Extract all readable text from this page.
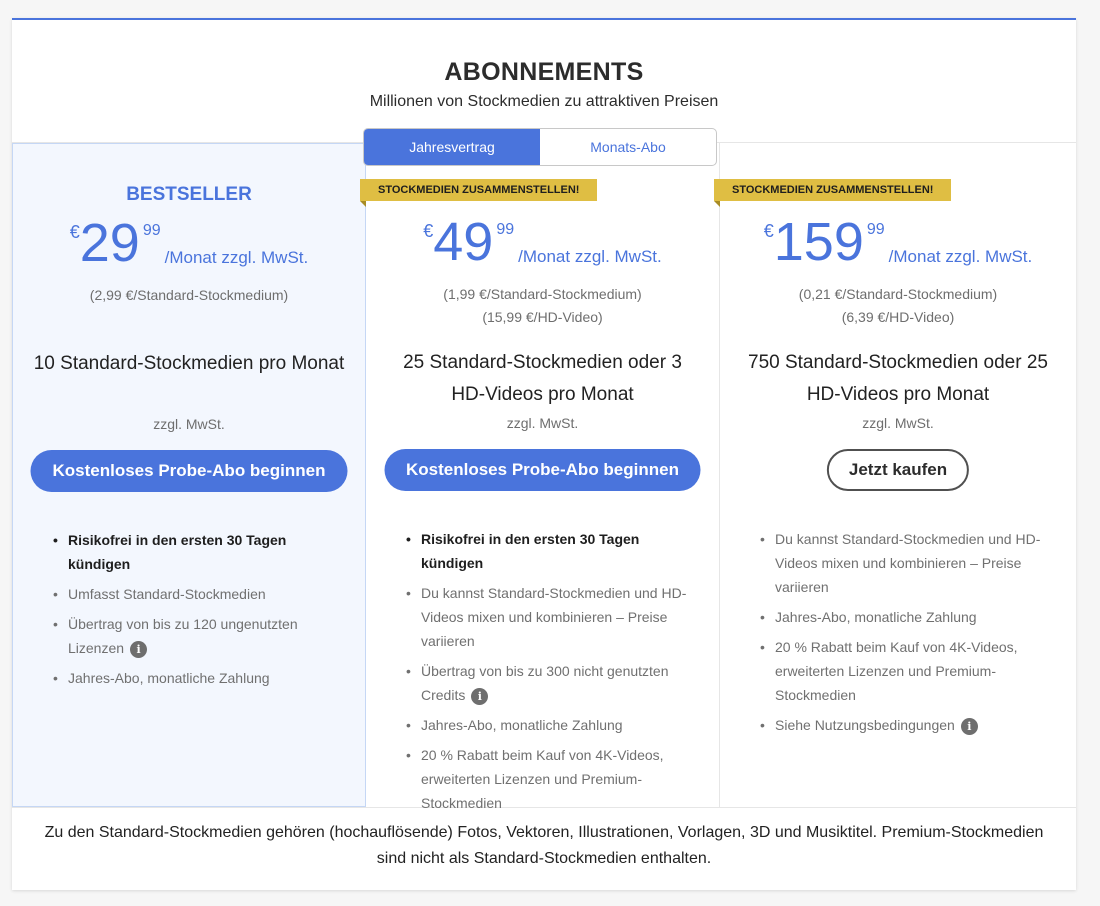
ABONNEMENTS
Millionen von Stockmedien zu attraktiven Preisen
Jahresvertrag	Monats-Abo
BESTSELLER
€ 29 99
/Monat zzgl. MwSt.
(2,99 €/Standard-Stockmedium)
10 Standard-Stockmedien pro Monat
zzgl. MwSt.
Kostenloses Probe-Abo beginnen
• Risikofrei in den ersten 30 Tagen kündigen
• Umfasst Standard-Stockmedien
• Übertrag von bis zu 120 ungenutzten Lizenzen i
• Jahres-Abo, monatliche Zahlung
STOCKMEDIEN ZUSAMMENSTELLEN!
€ 49 99
/Monat zzgl. MwSt.
(1,99 €/Standard-Stockmedium)
(15,99 €/HD-Video)
25 Standard-Stockmedien oder 3 HD-Videos pro Monat
zzgl. MwSt.
Kostenloses Probe-Abo beginnen
• Risikofrei in den ersten 30 Tagen kündigen
• Du kannst Standard-Stockmedien und HD-Videos mixen und kombinieren – Preise variieren
• Übertrag von bis zu 300 nicht genutzten Credits i
• Jahres-Abo, monatliche Zahlung
• 20 % Rabatt beim Kauf von 4K-Videos, erweiterten Lizenzen und Premium-Stockmedien
STOCKMEDIEN ZUSAMMENSTELLEN!
€ 159 99
/Monat zzgl. MwSt.
(0,21 €/Standard-Stockmedium)
(6,39 €/HD-Video)
750 Standard-Stockmedien oder 25 HD-Videos pro Monat
zzgl. MwSt.
Jetzt kaufen
• Du kannst Standard-Stockmedien und HD-Videos mixen und kombinieren – Preise variieren
• Jahres-Abo, monatliche Zahlung
• 20 % Rabatt beim Kauf von 4K-Videos, erweiterten Lizenzen und Premium-Stockmedien
• Siehe Nutzungsbedingungen i
Zu den Standard-Stockmedien gehören (hochauflösende) Fotos, Vektoren, Illustrationen, Vorlagen, 3D und Musiktitel. Premium-Stockmedien sind nicht als Standard-Stockmedien enthalten.
